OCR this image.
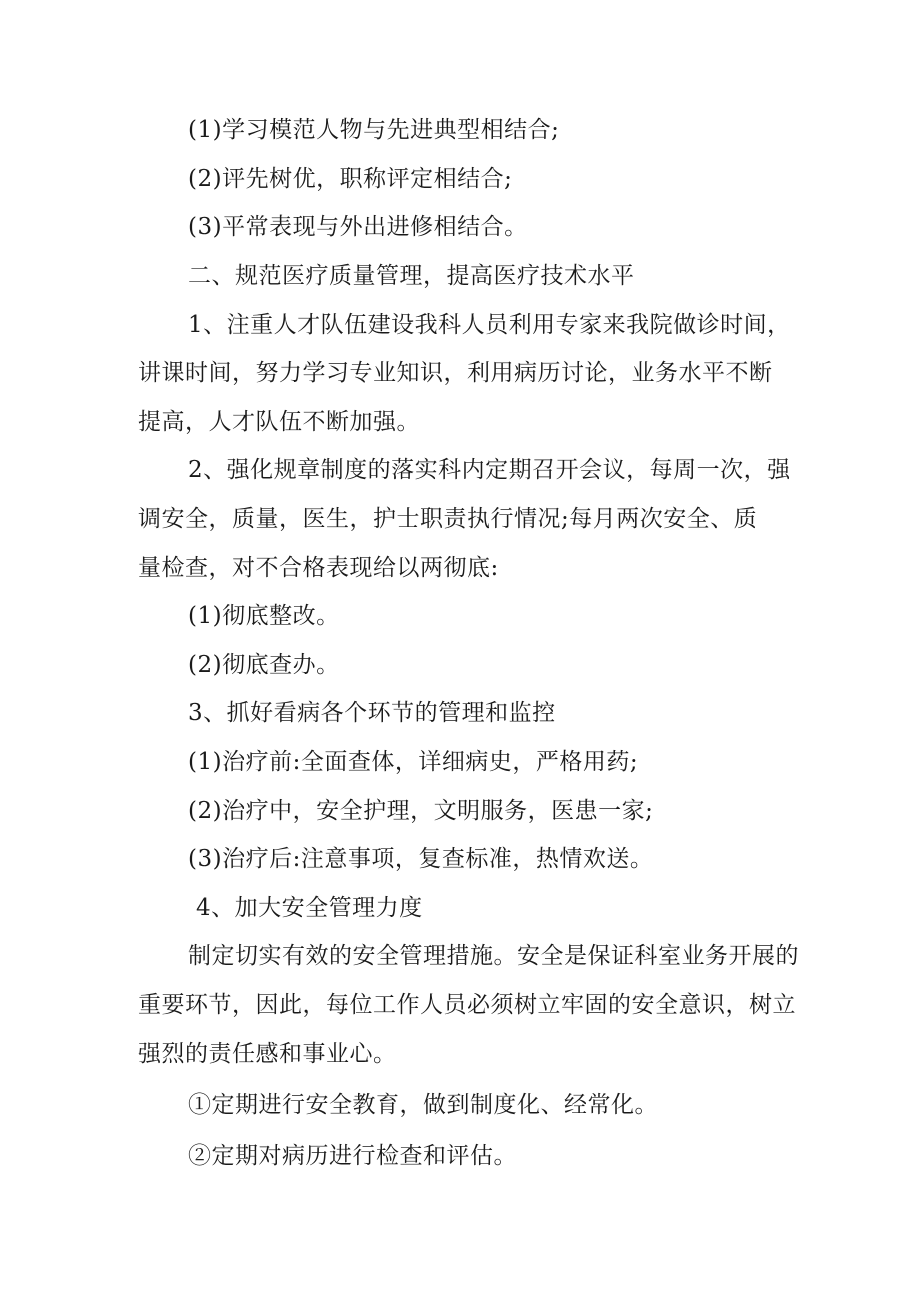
(1)学习模范人物与先进典型相结合;
(2)评先树优，职称评定相结合;
(3)平常表现与外出进修相结合。
二、规范医疗质量管理，提高医疗技术水平
1、注重人才队伍建设我科人员利用专家来我院做诊时间，
讲课时间，努力学习专业知识，利用病历讨论，业务水平不断
提高，人才队伍不断加强。
2、强化规章制度的落实科内定期召开会议，每周一次，强
调安全，质量，医生，护士职责执行情况;每月两次安全、质
量检查，对不合格表现给以两彻底:
(1)彻底整改。
(2)彻底查办。
3、抓好看病各个环节的管理和监控
(1)治疗前:全面查体，详细病史，严格用药;
(2)治疗中，安全护理，文明服务，医患一家;
(3)治疗后:注意事项，复查标准，热情欢送。
4、加大安全管理力度
制定切实有效的安全管理措施。安全是保证科室业务开展的
重要环节，因此，每位工作人员必须树立牢固的安全意识，树立
强烈的责任感和事业心。
①定期进行安全教育，做到制度化、经常化。
②定期对病历进行检查和评估。
